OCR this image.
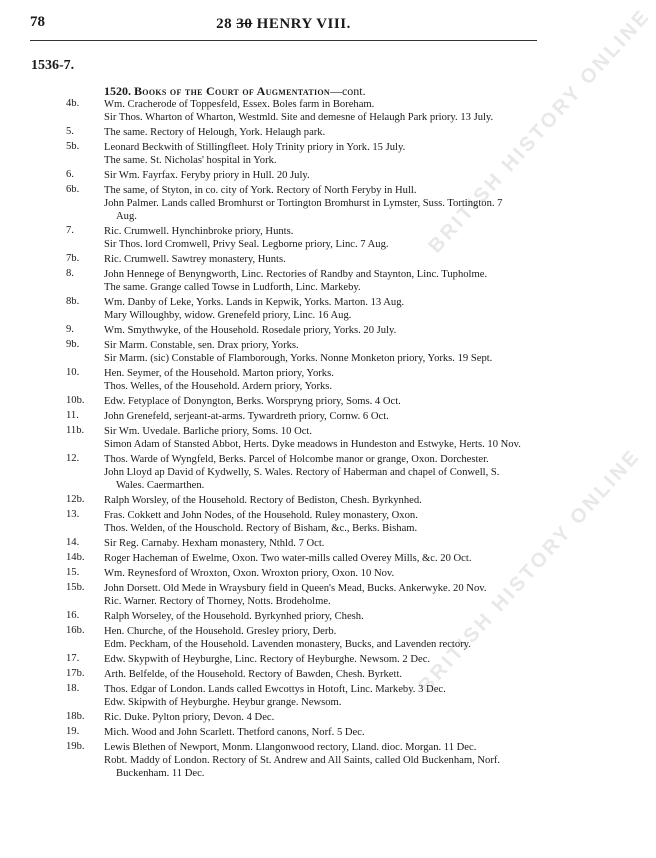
BRITISH HISTORY ONLINE
BRITISH HISTORY ONLINE
78	28 30 HENRY VIII.
1536-7.
1520. Books of the Court of Augmentation—cont.
4b. Wm. Cracherode of Toppesfeld, Essex. Boles farm in Boreham.
Sir Thos. Wharton of Wharton, Westmld. Site and demesne of Helaugh Park priory. 13 July.
5.	The same. Rectory of Helough, York. Helaugh park.
5b. Leonard Beckwith of Stillingfleet. Holy Trinity priory in York. 15 July.
The same. St. Nicholas' hospital in York.
6.	Sir Wm. Fayrfax. Feryby priory in Hull. 20 July.
6b. The same, of Styton, in co. city of York. Rectory of North Feryby in Hull.
John Palmer. Lands called Bromhurst or Tortington Bromhurst in Lymster, Suss. Tortington. 7 Aug.
7.	Ric. Crumwell. Hynchinbroke priory, Hunts.
Sir Thos. lord Cromwell, Privy Seal. Legborne priory, Linc. 7 Aug.
7b. Ric. Crumwell. Sawtrey monastery, Hunts.
8.	John Hennege of Benyngworth, Linc. Rectories of Randby and Staynton, Linc. Tupholme.
The same. Grange called Towse in Ludforth, Linc. Markeby.
8b. Wm. Danby of Leke, Yorks. Lands in Kepwik, Yorks. Marton. 13 Aug.
Mary Willoughby, widow. Grenefeld priory, Linc. 16 Aug.
9.	Wm. Smythwyke, of the Household. Rosedale priory, Yorks. 20 July.
9b. Sir Marm. Constable, sen. Drax priory, Yorks.
Sir Marm. (sic) Constable of Flamborough, Yorks. Nonne Monketon priory, Yorks. 19 Sept.
10. Hen. Seymer, of the Household. Marton priory, Yorks.
Thos. Welles, of the Household. Ardern priory, Yorks.
10b. Edw. Fetyplace of Donyngton, Berks. Worspryng priory, Soms. 4 Oct.
11. John Grenefeld, serjeant-at-arms. Tywardreth priory, Cornw. 6 Oct.
11b. Sir Wm. Uvedale. Barliche priory, Soms. 10 Oct.
Simon Adam of Stansted Abbot, Herts. Dyke meadows in Hundeston and Estwyke, Herts. 10 Nov.
12. Thos. Warde of Wyngfeld, Berks. Parcel of Holcombe manor or grange, Oxon. Dorchester.
John Lloyd ap David of Kydwelly, S. Wales. Rectory of Haberman and chapel of Conwell, S. Wales. Caermarthen.
12b. Ralph Worsley, of the Household. Rectory of Bediston, Chesh. Byrkynhed.
13. Fras. Cokkett and John Nodes, of the Household. Ruley monastery, Oxon.
Thos. Welden, of the Houschold. Rectory of Bisham, &c., Berks. Bisham.
14. Sir Reg. Carnaby. Hexham monastery, Nthld. 7 Oct.
14b. Roger Hacheman of Ewelme, Oxon. Two water-mills called Overey Mills, &c. 20 Oct.
15. Wm. Reynesford of Wroxton, Oxon. Wroxton priory, Oxon. 10 Nov.
15b. John Dorsett. Old Mede in Wraysbury field in Queen's Mead, Bucks. Ankerwyke. 20 Nov.
Ric. Warner. Rectory of Thorney, Notts. Brodeholme.
16. Ralph Worseley, of the Household. Byrkynhed priory, Chesh.
16b. Hen. Churche, of the Household. Gresley priory, Derb.
Edm. Peckham, of the Household. Lavenden monastery, Bucks, and Lavenden rectory.
17. Edw. Skypwith of Heyburghe, Linc. Rectory of Heyburghe. Newsom. 2 Dec.
17b. Arth. Belfelde, of the Household. Rectory of Bawden, Chesh. Byrkett.
18. Thos. Edgar of London. Lands called Ewcottys in Hotoft, Linc. Markeby. 3 Dec.
Edw. Skipwith of Heyburghe. Heybur grange. Newsom.
18b. Ric. Duke. Pylton priory, Devon. 4 Dec.
19. Mich. Wood and John Scarlett. Thetford canons, Norf. 5 Dec.
19b. Lewis Blethen of Newport, Monm. Llangonwood rectory, Lland. dioc. Morgan. 11 Dec.
Robt. Maddy of London. Rectory of St. Andrew and All Saints, called Old Buckenham, Norf. Buckenham. 11 Dec.
